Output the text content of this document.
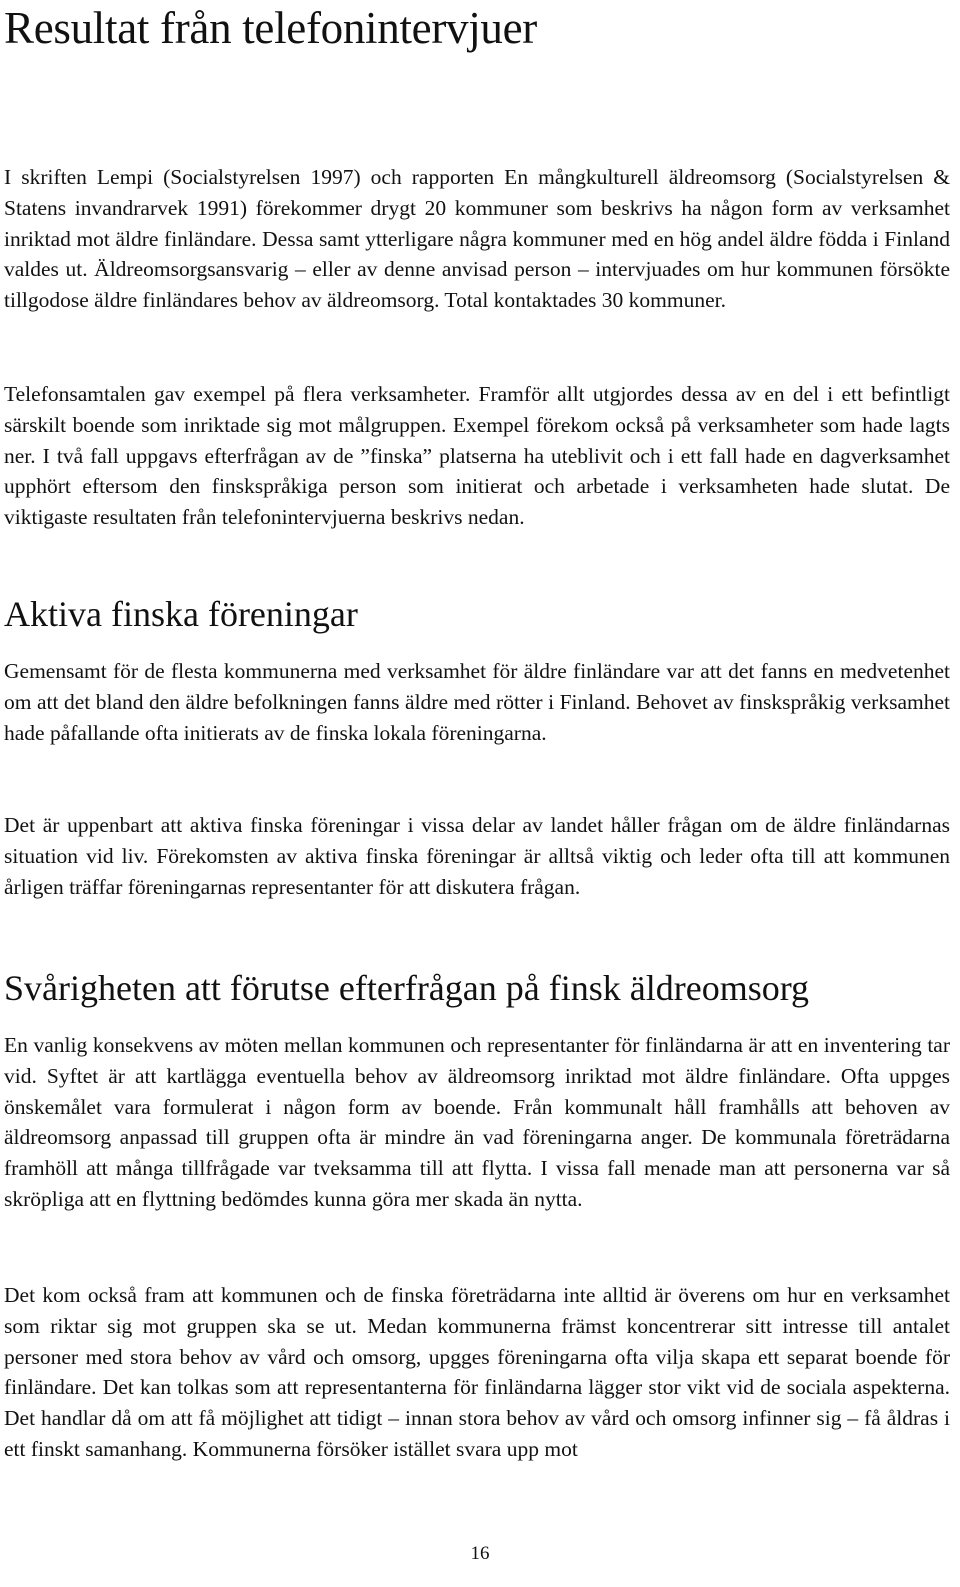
Resultat från telefonintervjuer

I skriften Lempi (Socialstyrelsen 1997) och rapporten En mångkulturell äldreomsorg (Socialstyrelsen & Statens invandrarvek 1991) förekommer drygt 20 kommuner som beskrivs ha någon form av verksamhet inriktad mot äldre finländare. Dessa samt ytterligare några kommuner med en hög andel äldre födda i Finland valdes ut. Äldreomsorgsansvarig – eller av denne anvisad person – intervjuades om hur kommunen försökte tillgodose äldre finländares behov av äldreomsorg. Total kontaktades 30 kommuner.

Telefonsamtalen gav exempel på flera verksamheter. Framför allt utgjordes dessa av en del i ett befintligt särskilt boende som inriktade sig mot målgruppen. Exempel förekom också på verksamheter som hade lagts ner. I två fall uppgavs efterfrågan av de ”finska” platserna ha uteblivit och i ett fall hade en dagverksamhet upphört eftersom den finskspråkiga person som initierat och arbetade i verksamheten hade slutat. De viktigaste resultaten från telefonintervjuerna beskrivs nedan.

Aktiva finska föreningar

Gemensamt för de flesta kommunerna med verksamhet för äldre finländare var att det fanns en medvetenhet om att det bland den äldre befolkningen fanns äldre med rötter i Finland. Behovet av finskspråkig verksamhet hade påfallande ofta initierats av de finska lokala föreningarna.

Det är uppenbart att aktiva finska föreningar i vissa delar av landet håller frågan om de äldre finländarnas situation vid liv. Förekomsten av aktiva finska föreningar är alltså viktig och leder ofta till att kommunen årligen träffar föreningarnas representanter för att diskutera frågan.

Svårigheten att förutse efterfrågan på finsk äldreomsorg

En vanlig konsekvens av möten mellan kommunen och representanter för finländarna är att en inventering tar vid. Syftet är att kartlägga eventuella behov av äldreomsorg inriktad mot äldre finländare. Ofta uppges önskemålet vara formulerat i någon form av boende. Från kommunalt håll framhålls att behoven av äldreomsorg anpassad till gruppen ofta är mindre än vad föreningarna anger. De kommunala företrädarna framhöll att många tillfrågade var tveksamma till att flytta. I vissa fall menade man att personerna var så skröpliga att en flyttning bedömdes kunna göra mer skada än nytta.

Det kom också fram att kommunen och de finska företrädarna inte alltid är överens om hur en verksamhet som riktar sig mot gruppen ska se ut. Medan kommunerna främst koncentrerar sitt intresse till antalet personer med stora behov av vård och omsorg, upgges föreningarna ofta vilja skapa ett separat boende för finländare. Det kan tolkas som att representanterna för finländarna lägger stor vikt vid de sociala aspekterna. Det handlar då om att få möjlighet att tidigt – innan stora behov av vård och omsorg infinner sig – få åldras i ett finskt samanhang. Kommunerna försöker istället svara upp mot

16
